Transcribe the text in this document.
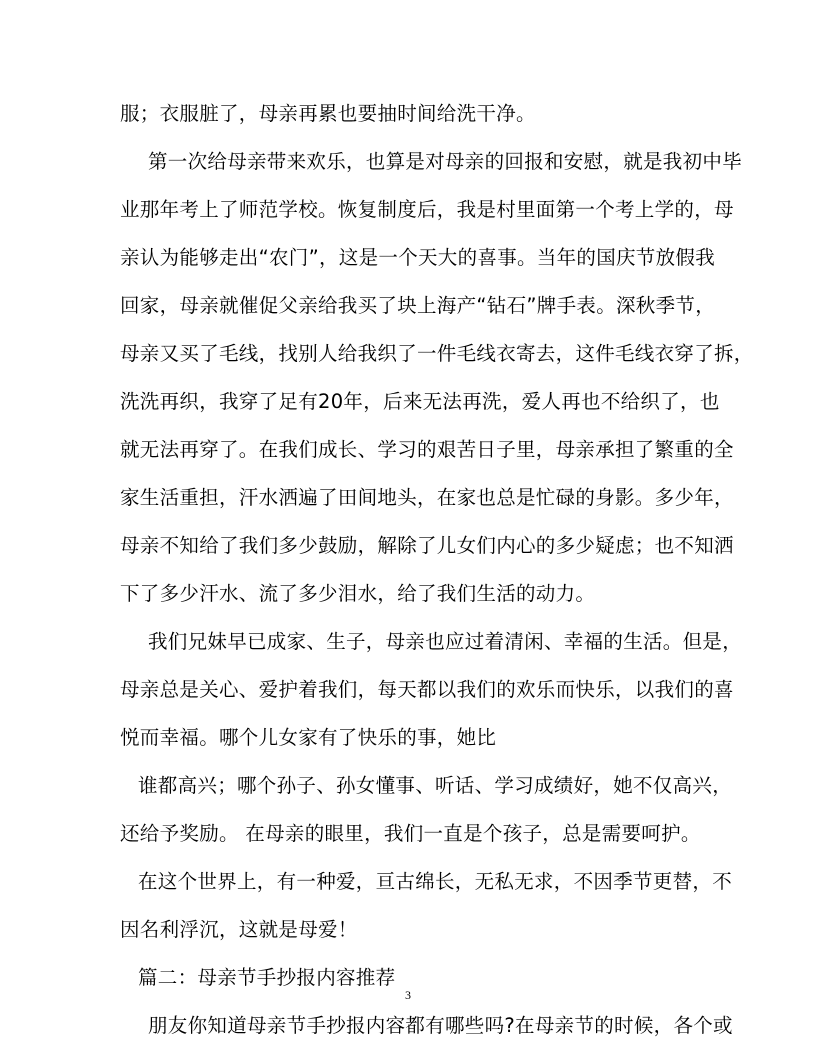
服；衣服脏了，母亲再累也要抽时间给洗干净。
第一次给母亲带来欢乐，也算是对母亲的回报和安慰，就是我初中毕
业那年考上了师范学校。恢复制度后，我是村里面第一个考上学的，母
亲认为能够走出“农门”，这是一个天大的喜事。当年的国庆节放假我
回家，母亲就催促父亲给我买了块上海产“钻石”牌手表。深秋季节，
母亲又买了毛线，找别人给我织了一件毛线衣寄去，这件毛线衣穿了拆，
洗洗再织，我穿了足有20年，后来无法再洗，爱人再也不给织了，也
就无法再穿了。在我们成长、学习的艰苦日子里，母亲承担了繁重的全
家生活重担，汗水洒遍了田间地头，在家也总是忙碌的身影。多少年，
母亲不知给了我们多少鼓励，解除了儿女们内心的多少疑虑；也不知洒
下了多少汗水、流了多少泪水，给了我们生活的动力。
我们兄妹早已成家、生子，母亲也应过着清闲、幸福的生活。但是，
母亲总是关心、爱护着我们，每天都以我们的欢乐而快乐，以我们的喜
悦而幸福。哪个儿女家有了快乐的事，她比
谁都高兴；哪个孙子、孙女懂事、听话、学习成绩好，她不仅高兴，
还给予奖励。 在母亲的眼里，我们一直是个孩子，总是需要呵护。
在这个世界上，有一种爱，亘古绵长，无私无求，不因季节更替，不
因名利浮沉，这就是母爱！
篇二：母亲节手抄报内容推荐
朋友你知道母亲节手抄报内容都有哪些吗?在母亲节的时候，各个或
3
